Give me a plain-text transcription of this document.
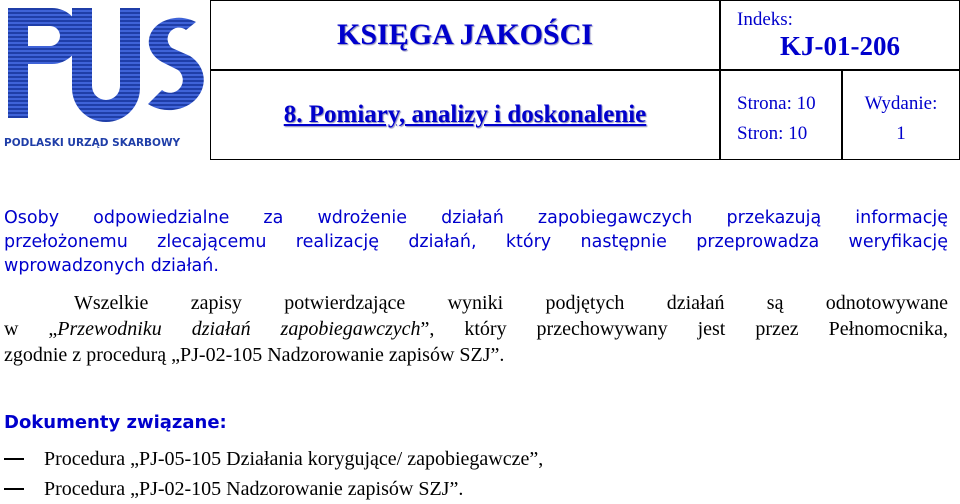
PODLASKI URZĄD SKARBOWY
KSIĘGA JAKOŚCI	Indeks:
KJ-01-206
8. Pomiary, analizy i doskonalenie	Strona: 10
Stron: 10
Wydanie:
1
Osoby odpowiedzialne za wdrożenie działań zapobiegawczych przekazują informację
przełożonemu zlecającemu realizację działań, który następnie przeprowadza weryfikację
wprowadzonych działań.
Wszelkie zapisy potwierdzające wyniki podjętych działań są odnotowywane
w „Przewodniku działań zapobiegawczych”, który przechowywany jest przez Pełnomocnika,
zgodnie z procedurą „PJ-02-105 Nadzorowanie zapisów SZJ”.
Dokumenty związane:
Procedura „PJ-05-105 Działania korygujące/ zapobiegawcze”,
Procedura „PJ-02-105 Nadzorowanie zapisów SZJ”.
